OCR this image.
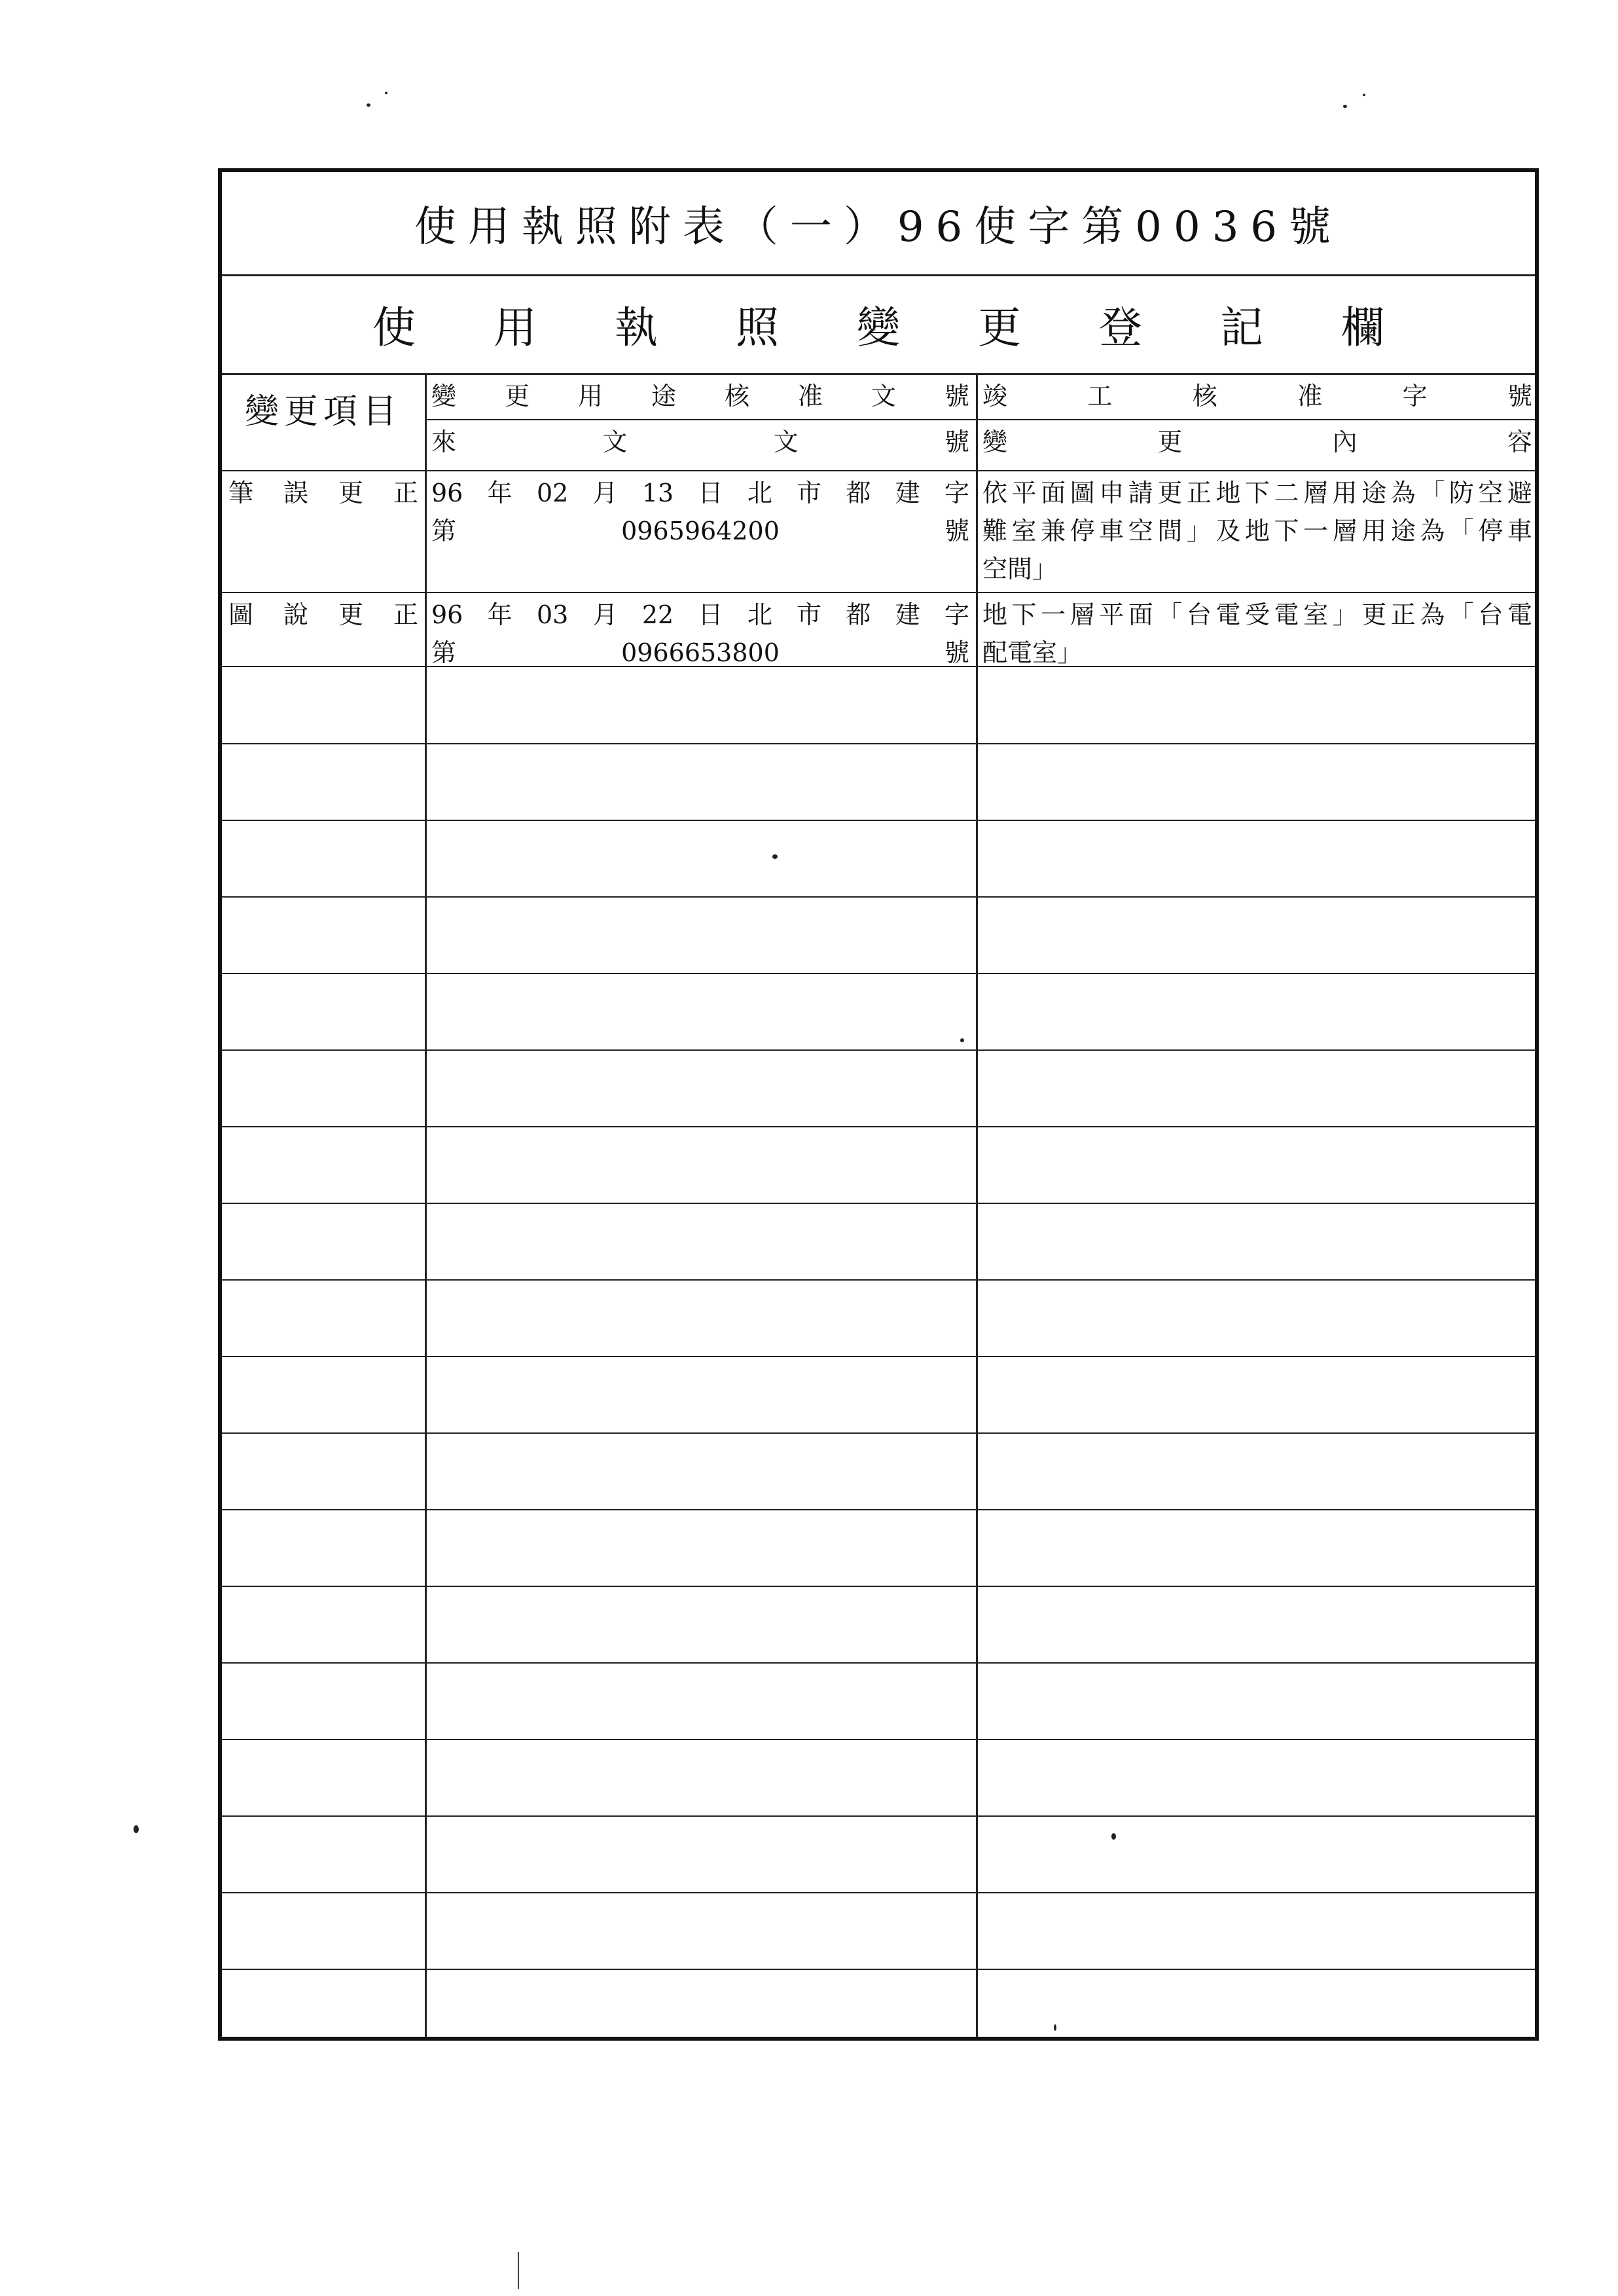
使用執照附表（一）96使字第0036號
使用執照變更登記欄
變更項目	變更用途核准文號
來文文號
竣工核准字號
變更內容
筆誤更正 96年02月13日北市都建字
第0965964200號
依平面圖申請更正地下二層用途為「防空避
難室兼停車空間」及地下一層用途為「停車
空間」
圖說更正 96年03月22日北市都建字
第0966653800號
地下一層平面「台電受電室」更正為「台電
配電室」
